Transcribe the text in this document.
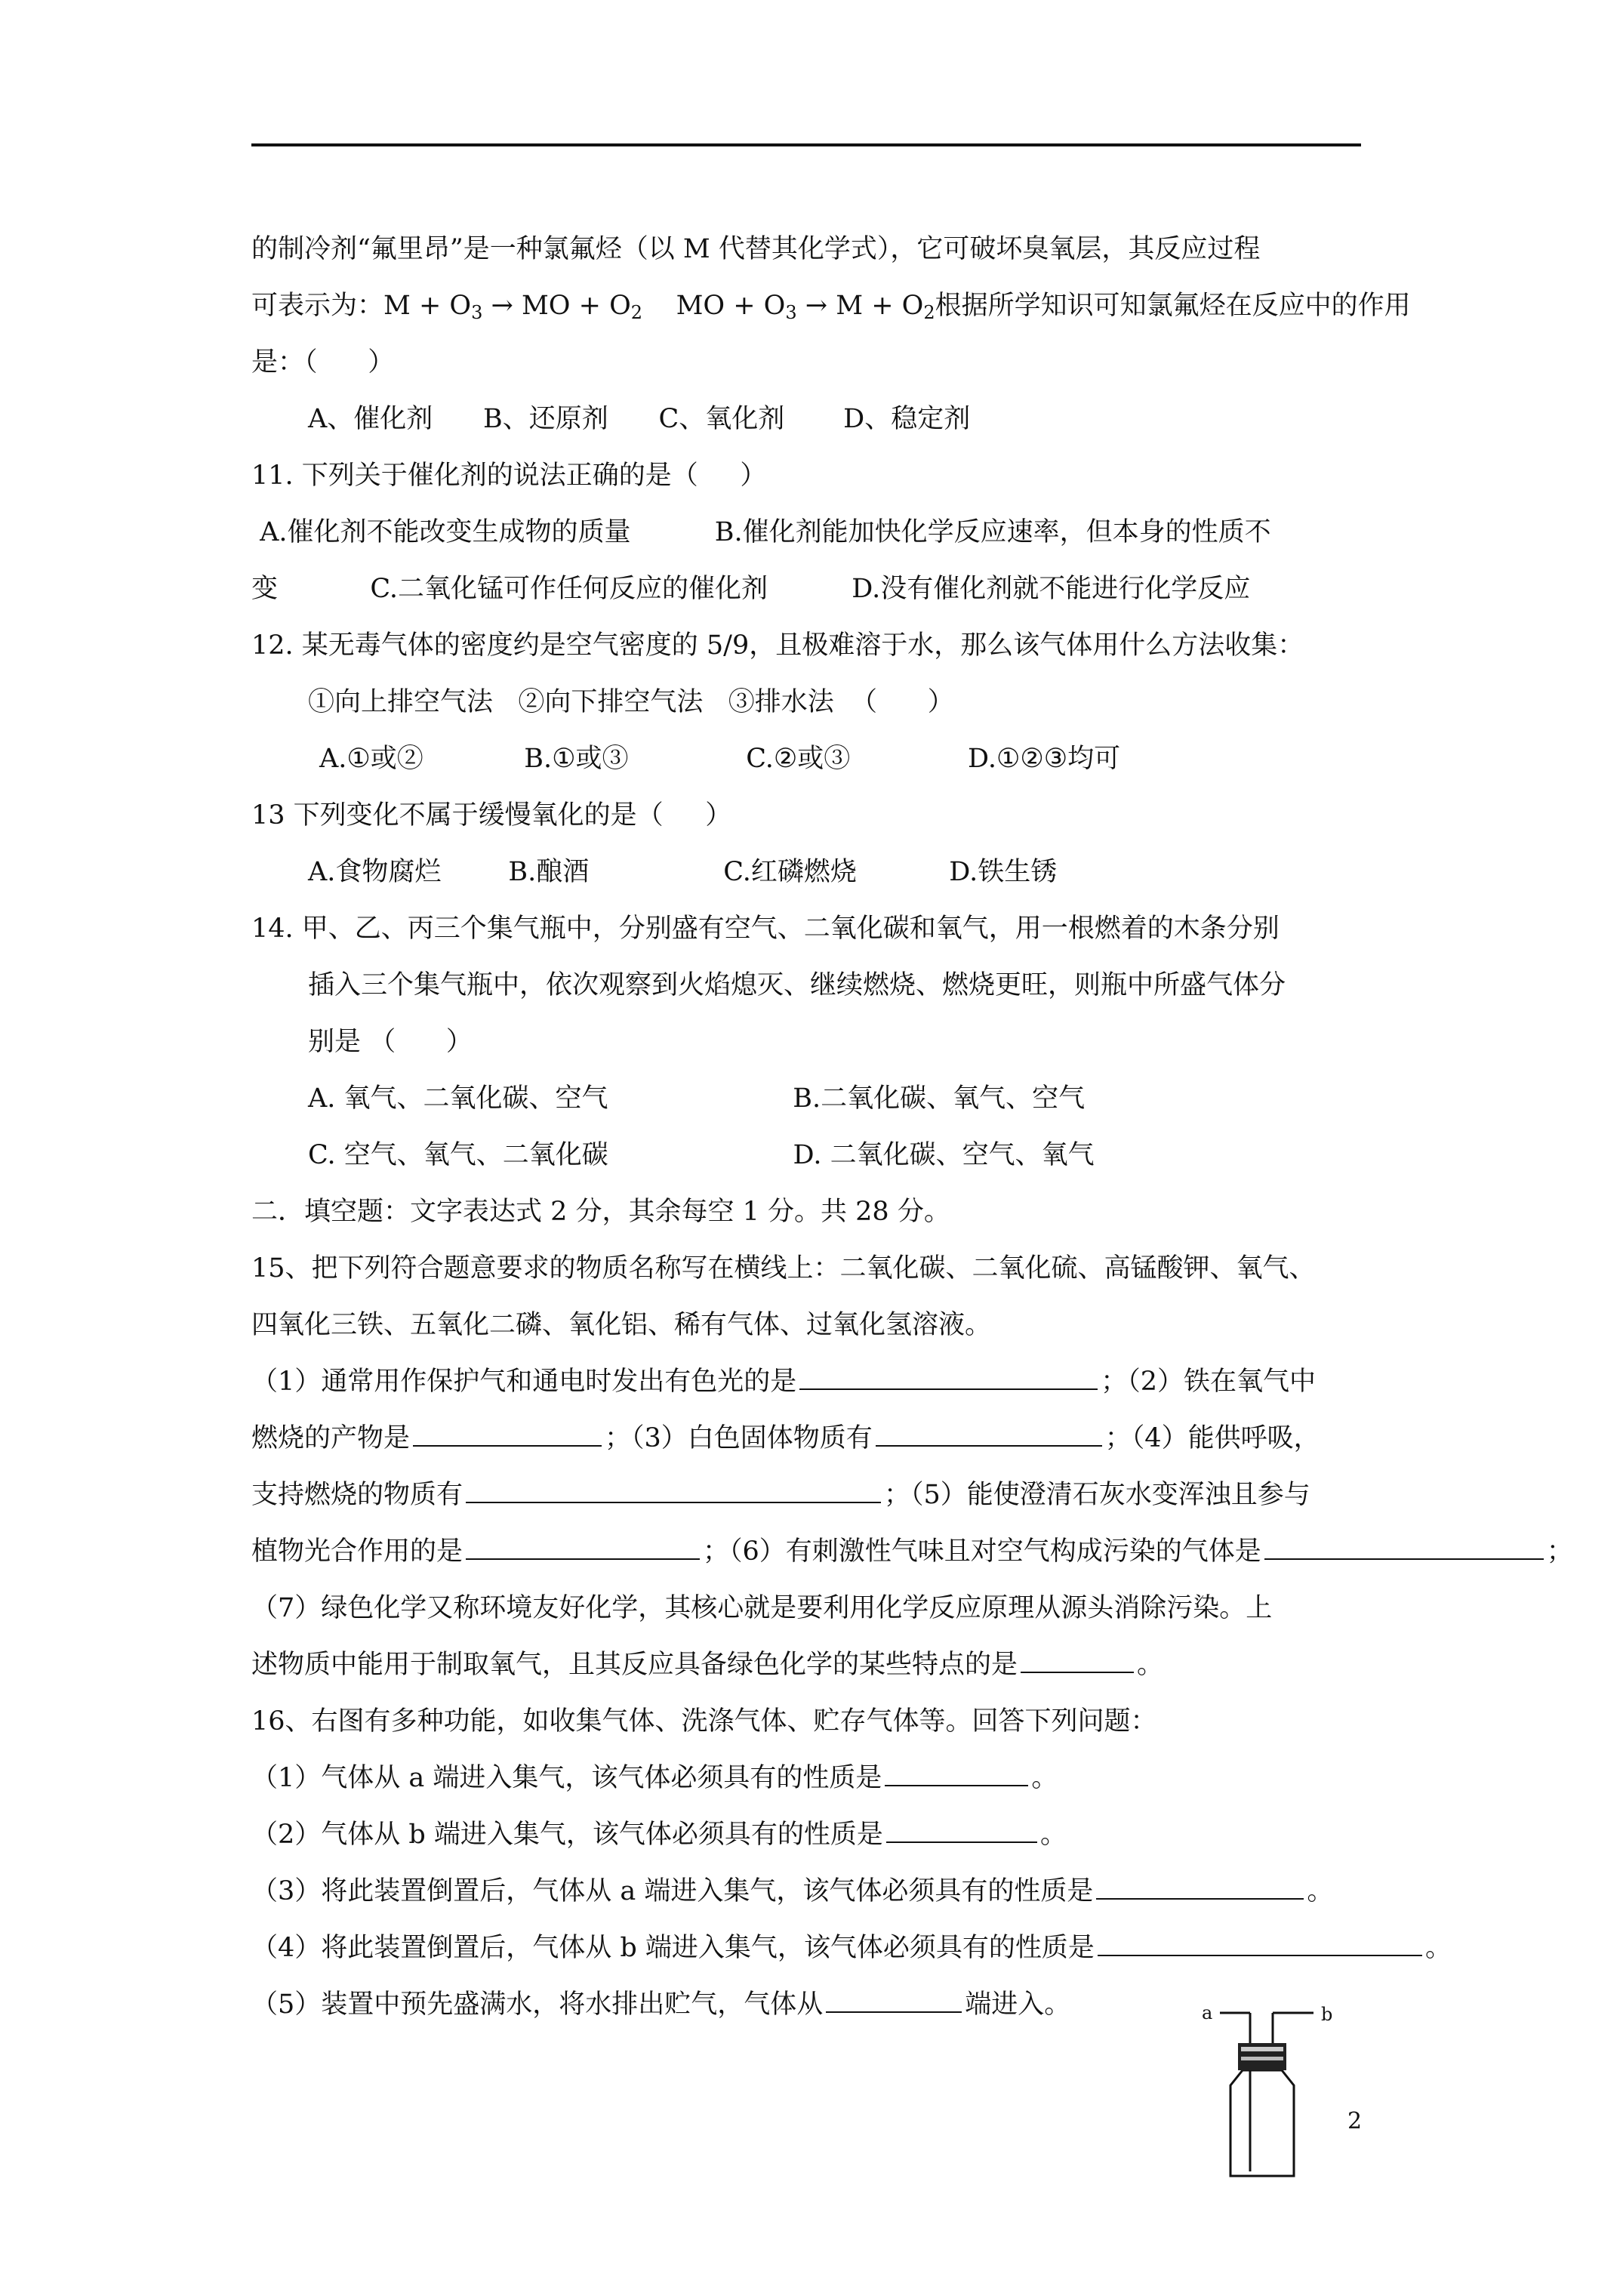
的制冷剂“氟里昂”是一种氯氟烃（以 M 代替其化学式），它可破坏臭氧层，其反应过程
可表示为：$M + O_3$ → MO + $O_2$    MO + $O_3 \to M + O_2$根据所学知识可知氯氟烃在反应中的作用
是：（      ）
A、催化剂      B、还原剂      C、氧化剂       D、稳定剂
11. 下列关于催化剂的说法正确的是（     ）
A.催化剂不能改变生成物的质量          B.催化剂能加快化学反应速率，但本身的性质不
变           C.二氧化锰可作任何反应的催化剂          D.没有催化剂就不能进行化学反应
12. 某无毒气体的密度约是空气密度的 5/9，且极难溶于水，那么该气体用什么方法收集：
①向上排空气法   ②向下排空气法   ③排水法  （      ）
A.①或②            B.①或③              C.②或③              D.①②③均可
13 下列变化不属于缓慢氧化的是（     ）
A.食物腐烂        B.酿酒                C.红磷燃烧           D.铁生锈
14. 甲、乙、丙三个集气瓶中，分别盛有空气、二氧化碳和氧气，用一根燃着的木条分别
插入三个集气瓶中，依次观察到火焰熄灭、继续燃烧、燃烧更旺，则瓶中所盛气体分
别是 （      ）
A. 氧气、二氧化碳、空气                      B.二氧化碳、氧气、空气
C. 空气、氧气、二氧化碳                      D. 二氧化碳、空气、氧气
二．填空题：文字表达式 2 分，其余每空 1 分。共 28 分。
15、把下列符合题意要求的物质名称写在横线上：二氧化碳、二氧化硫、高锰酸钾、氧气、
四氧化三铁、五氧化二磷、氧化铝、稀有气体、过氧化氢溶液。
（1）通常用作保护气和通电时发出有色光的是	；（2）铁在氧气中
燃烧的产物是	；（3）白色固体物质有	；（4）能供呼吸，
支持燃烧的物质有	；（5）能使澄清石灰水变浑浊且参与
植物光合作用的是	；（6）有刺激性气味且对空气构成污染的气体是	；
（7）绿色化学又称环境友好化学，其核心就是要利用化学反应原理从源头消除污染。上
述物质中能用于制取氧气，且其反应具备绿色化学的某些特点的是	。
16、右图有多种功能，如收集气体、洗涤气体、贮存气体等。回答下列问题：
（1）气体从 a 端进入集气，该气体必须具有的性质是	。
（2）气体从 b 端进入集气，该气体必须具有的性质是	。
（3）将此装置倒置后，气体从 a 端进入集气，该气体必须具有的性质是	。
（4）将此装置倒置后，气体从 b 端进入集气，该气体必须具有的性质是	。
（5）装置中预先盛满水，将水排出贮气，气体从	端进入。	a	b
2
